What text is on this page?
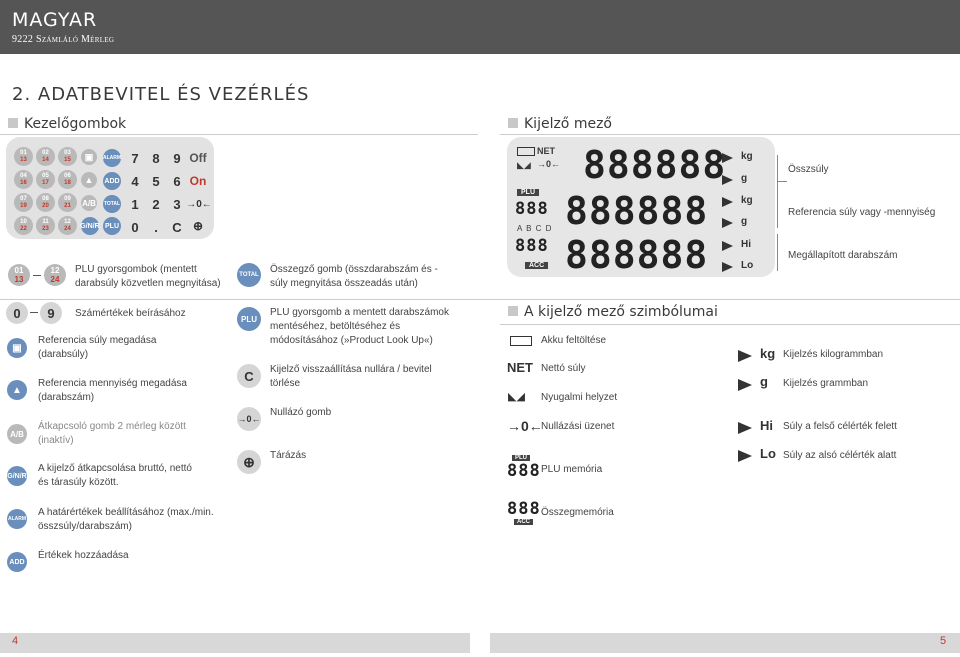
MAGYAR
9222 Számláló Mérleg
2. ADATBEVITEL ÉS VEZÉRLÉS
Kezelőgombok	Kijelző mező
01
13
02
14
03
15
04
16
05
17
06
18
07
19
08
20
09
21
10
22
11
23
12
24
▣
▲
A/B
G/N/R
ALARM
ADD
TOTAL
PLU
7	8	9
4	5	6
1	2	3
0	.	C
Off
On
→0←
⊕
01
13
12
24
PLU gyorsgombok (mentett darabsúly közvetlen megnyitása)
0	9	Számértékek beírásához
▣
Referencia súly megadása (darabsúly)
▲
Referencia mennyiség megadása (darabszám)
A/B
Átkapcsoló gomb 2 mérleg között (inaktív)
G/N/R
A kijelző átkapcsolása bruttó, nettó és tárasúly között.
ALARM
A határértékek beállításához (max./min. összsúly/darabszám)
ADD
Értékek hozzáadása
TOTAL Összegző gomb (összdarabszám és -súly megnyitása összeadás után)
PLU
PLU gyorsgomb a mentett darabszámok mentéséhez, betöltéséhez és módosításához (»Product Look Up«)
C	Kijelző visszaállítása nullára / bevitel törlése
→0←
Nullázó gomb
⊕	Tárázás
NET
◣◢ →0← 888888
PLU
888
A B C D 888888
888
ACC 888888
kg
g
kg
g
Hi
Lo
Összsúly
Referencia súly vagy -mennyiség
Megállapított darabszám
A kijelző mező szimbólumai
Akku feltöltése
NET Nettó súly
◣◢ Nyugalmi helyzet
→0←
Nullázási üzenet
PLU
888 PLU memória
888
ACC
Összegmemória
kg Kijelzés kilogrammban
g Kijelzés grammban
Hi Súly a felső célérték felett
Lo Súly az alsó célérték alatt
4	5
